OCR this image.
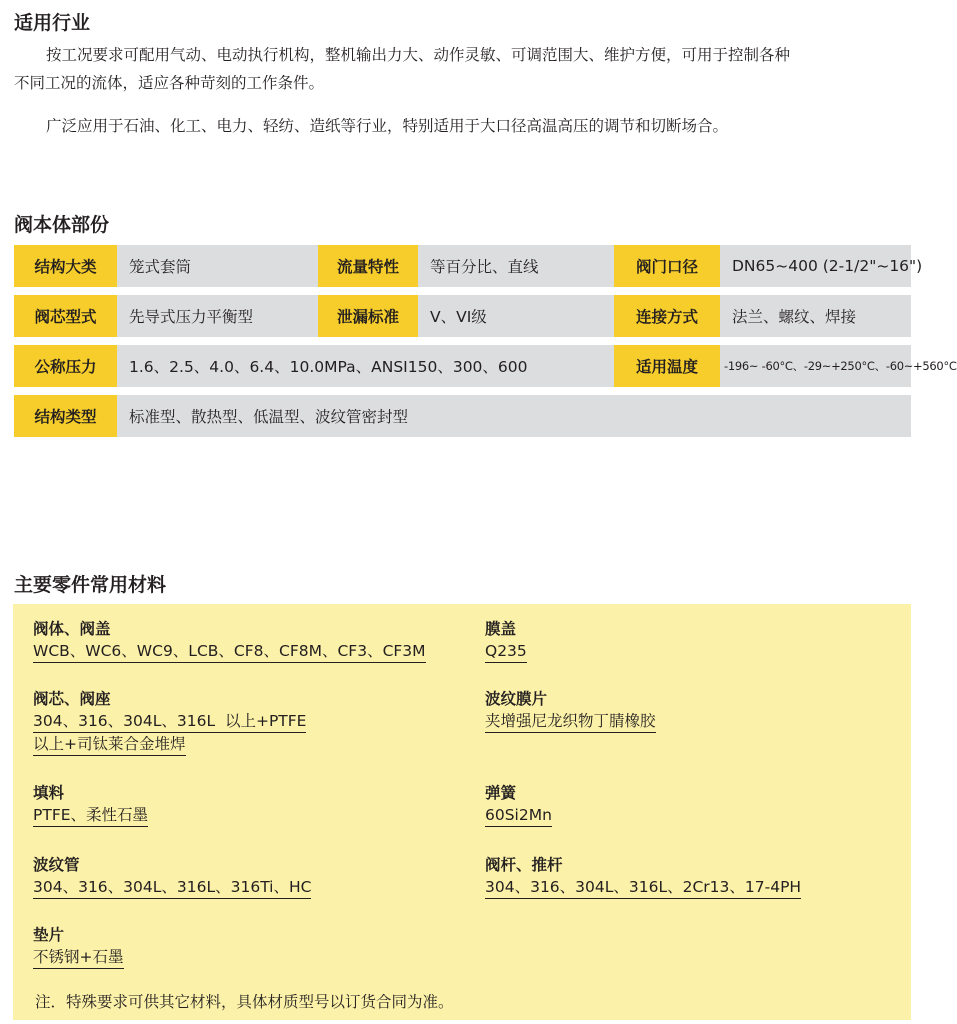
适用行业

按工况要求可配用气动、电动执行机构，整机输出力大、动作灵敏、可调范围大、维护方便，可用于控制各种

不同工况的流体，适应各种苛刻的工作条件。

广泛应用于石油、化工、电力、轻纺、造纸等行业，特别适用于大口径高温高压的调节和切断场合。

阀本体部份
结构大类	笼式套筒	流量特性	等百分比、直线	阀门口径	DN65~400 (2-1/2"~16")
阀芯型式	先导式压力平衡型	泄漏标准	V、VI级	连接方式	法兰、螺纹、焊接
公称压力	1.6、2.5、4.0、6.4、10.0MPa、ANSI150、300、600	适用温度	-196~ -60°C、-29~+250°C、-60~+560°C
结构类型	标准型、散热型、低温型、波纹管密封型
主要零件常用材料
阀体、阀盖
WCB、WC6、WC9、LCB、CF8、CF8M、CF3、CF3M
阀芯、阀座
304、316、304L、316L  以上+PTFE
以上+司钛莱合金堆焊
填料
PTFE、柔性石墨
波纹管
304、316、304L、316L、316Ti、HC
垫片
不锈钢+石墨
膜盖
Q235
波纹膜片
夹增强尼龙织物丁腈橡胶
弹簧
60Si2Mn
阀杆、推杆
304、316、304L、316L、2Cr13、17-4PH
注．特殊要求可供其它材料，具体材质型号以订货合同为准。
